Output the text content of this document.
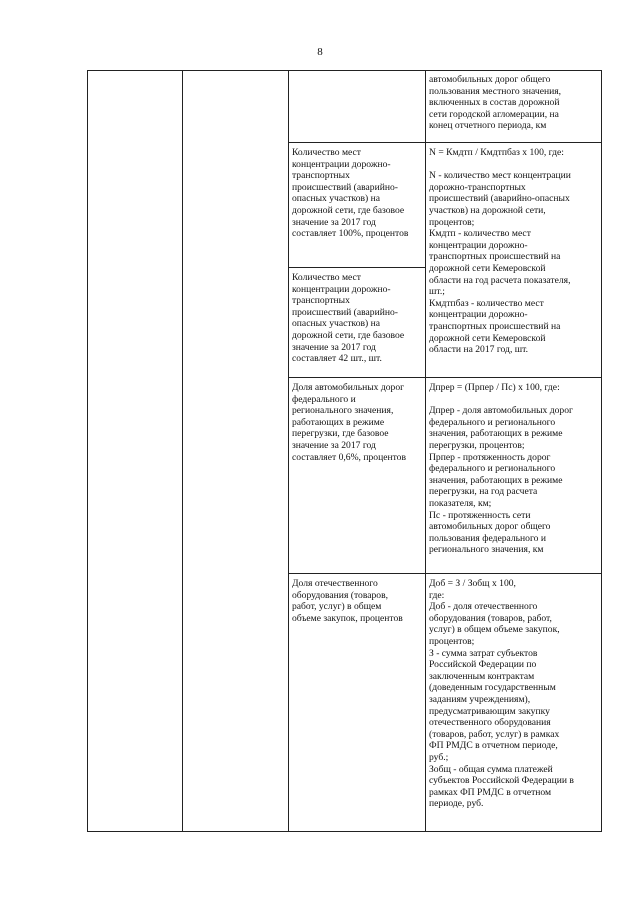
8
автомобильных дорог общего
пользования местного значения,
включенных в состав дорожной
сети городской агломерации, на
конец отчетного периода, км
Количество мест
концентрации дорожно-
транспортных
происшествий (аварийно-
опасных участков) на
дорожной сети, где базовое
значение за 2017 год
составляет 100%, процентов
N = Кмдтп / Кмдтпбаз х 100, где:

N - количество мест концентрации
дорожно-транспортных
происшествий (аварийно-опасных
участков) на дорожной сети,
процентов;
Кмдтп - количество мест
концентрации дорожно-
транспортных происшествий на
дорожной сети Кемеровской
области на год расчета показателя,
шт.;
Кмдтпбаз - количество мест
концентрации дорожно-
транспортных происшествий на
дорожной сети Кемеровской
области на 2017 год, шт.
Количество мест
концентрации дорожно-
транспортных
происшествий (аварийно-
опасных участков) на
дорожной сети, где базовое
значение за 2017 год
составляет 42 шт., шт.
Доля автомобильных дорог
федерального и
регионального значения,
работающих в режиме
перегрузки, где базовое
значение за 2017 год
составляет 0,6%, процентов
Дпрер = (Прпер / Пс) х 100, где:

Дпрер - доля автомобильных дорог
федерального и регионального
значения, работающих в режиме
перегрузки, процентов;
Прпер - протяженность дорог
федерального и регионального
значения, работающих в режиме
перегрузки, на год расчета
показателя, км;
Пс - протяженность сети
автомобильных дорог общего
пользования федерального и
регионального значения, км
Доля отечественного
оборудования (товаров,
работ, услуг) в общем
объеме закупок, процентов
Доб = З / Зобщ х 100,
где:
Доб - доля отечественного
оборудования (товаров, работ,
услуг) в общем объеме закупок,
процентов;
З - сумма затрат субъектов
Российской Федерации по
заключенным контрактам
(доведенным государственным
заданиям учреждениям),
предусматривающим закупку
отечественного оборудования
(товаров, работ, услуг) в рамках
ФП РМДС в отчетном периоде,
руб.;
Зобщ - общая сумма платежей
субъектов Российской Федерации в
рамках ФП РМДС в отчетном
периоде, руб.
